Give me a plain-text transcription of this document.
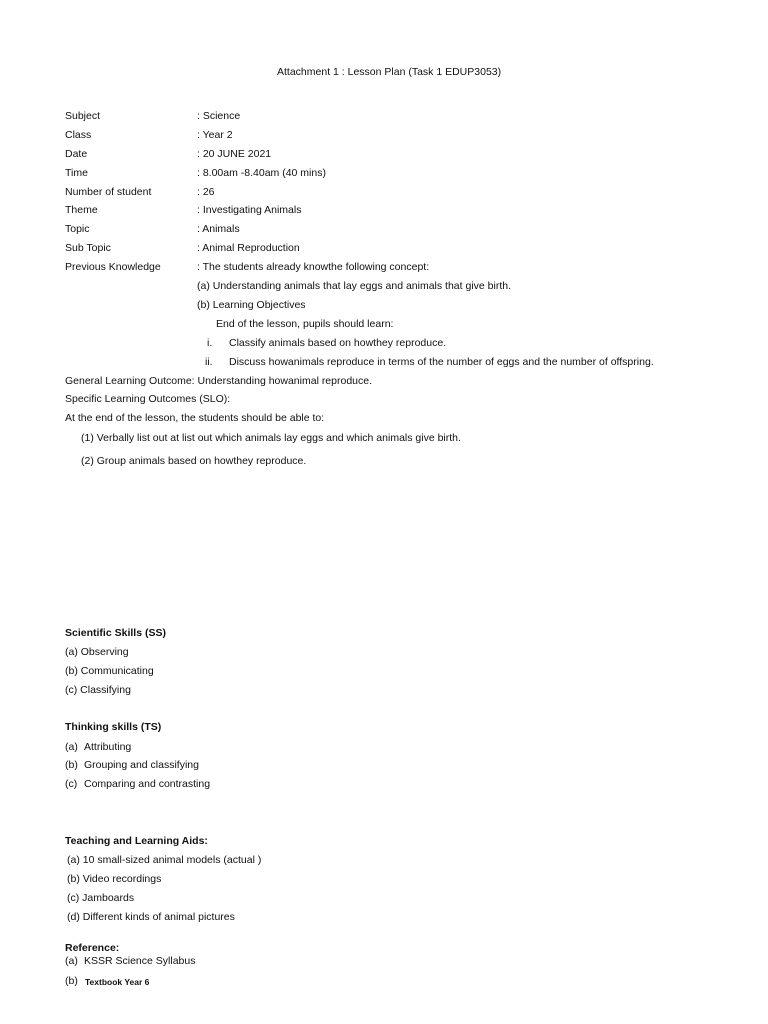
Attachment 1 : Lesson Plan (Task 1 EDUP3053)
Subject	: Science
Class	: Year 2
Date	: 20 JUNE 2021
Time	: 8.00am -8.40am (40 mins)
Number of student	: 26
Theme	: Investigating Animals
Topic	: Animals
Sub Topic	: Animal Reproduction
Previous Knowledge	: The students already knowthe following concept:
(a) Understanding animals that lay eggs and animals that give birth.
(b) Learning Objectives
End of the lesson, pupils should learn:
i. Classify animals based on howthey reproduce.
ii. Discuss howanimals reproduce in terms of the number of eggs and the number of offspring.
General Learning Outcome: Understanding howanimal reproduce.
Specific Learning Outcomes (SLO):
At the end of the lesson, the students should be able to:
(1) Verbally list out at list out which animals lay eggs and which animals give birth.
(2) Group animals based on howthey reproduce.
Scientific Skills (SS)
(a) Observing
(b) Communicating
(c) Classifying
Thinking skills (TS)
(a) Attributing
(b) Grouping and classifying
(c) Comparing and contrasting
Teaching and Learning Aids:
(a) 10 small-sized animal models (actual )
(b) Video recordings
(c) Jamboards
(d) Different kinds of animal pictures
Reference:
(a) KSSR Science Syllabus
(b) Textbook Year 6
